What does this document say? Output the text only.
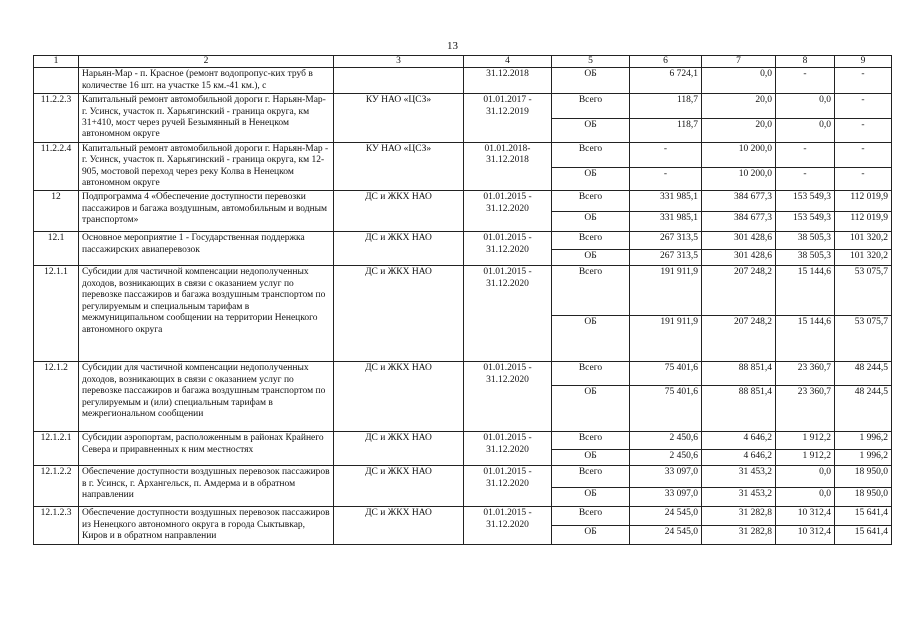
13
1	2	3	4	5	6	7	8	9
	Нарьян-Мар - п. Красное (ремонт водопропус-ких труб в количестве 16 шт. на участке 15 км.-41 км.), с		31.12.2018	ОБ	6 724,1	0,0	-	-
11.2.2.3	Капитальный ремонт автомобильной дороги г. Нарьян-Мар-г. Усинск, участок п. Харьягинский - граница округа, км 31+410, мост через ручей Безымянный в Ненецком автономном округе	КУ НАО «ЦСЗ»	01.01.2017 - 31.12.2019	Всего	118,7	20,0	0,0	-
				ОБ	118,7	20,0	0,0	-
11.2.2.4	Капитальный ремонт автомобильной дороги г. Нарьян-Мар - г. Усинск, участок п. Харьягинский - граница округа, км 12-905, мостовой переход через реку Колва в Ненецком автономном округе	КУ НАО «ЦСЗ»	01.01.2018- 31.12.2018	Всего	-	10 200,0	-	-
				ОБ	-	10 200,0	-	-
12	Подпрограмма 4 «Обеспечение доступности перевозки пассажиров и багажа воздушным, автомобильным и водным транспортом»	ДС и ЖКХ НАО	01.01.2015 - 31.12.2020	Всего	331 985,1	384 677,3	153 549,3	112 019,9
				ОБ	331 985,1	384 677,3	153 549,3	112 019,9
12.1	Основное мероприятие 1 - Государственная поддержка пассажирских авиаперевозок	ДС и ЖКХ НАО	01.01.2015 - 31.12.2020	Всего	267 313,5	301 428,6	38 505,3	101 320,2
				ОБ	267 313,5	301 428,6	38 505,3	101 320,2
12.1.1	Субсидии для частичной компенсации недополученных доходов, возникающих в связи с оказанием услуг по перевозке пассажиров и багажа воздушным транспортом по регулируемым и специальным тарифам в межмуниципальном сообщении на территории Ненецкого автономного округа	ДС и ЖКХ НАО	01.01.2015 - 31.12.2020	Всего	191 911,9	207 248,2	15 144,6	53 075,7
				ОБ	191 911,9	207 248,2	15 144,6	53 075,7
12.1.2	Субсидии для частичной компенсации недополученных доходов, возникающих в связи с оказанием услуг по перевозке пассажиров и багажа воздушным транспортом по регулируемым и (или) специальным тарифам в межрегиональном сообщении	ДС и ЖКХ НАО	01.01.2015 - 31.12.2020	Всего	75 401,6	88 851,4	23 360,7	48 244,5
				ОБ	75 401,6	88 851,4	23 360,7	48 244,5
12.1.2.1	Субсидии аэропортам, расположенным в районах Крайнего Севера и приравненных к ним местностях	ДС и ЖКХ НАО	01.01.2015 - 31.12.2020	Всего	2 450,6	4 646,2	1 912,2	1 996,2
				ОБ	2 450,6	4 646,2	1 912,2	1 996,2
12.1.2.2	Обеспечение доступности воздушных перевозок пассажиров в г. Усинск, г. Архангельск, п. Амдерма и в обратном направлении	ДС и ЖКХ НАО	01.01.2015 - 31.12.2020	Всего	33 097,0	31 453,2	0,0	18 950,0
				ОБ	33 097,0	31 453,2	0,0	18 950,0
12.1.2.3	Обеспечение доступности воздушных перевозок пассажиров из Ненецкого автономного округа в города Сыктывкар, Киров и в обратном направлении	ДС и ЖКХ НАО	01.01.2015 - 31.12.2020	Всего	24 545,0	31 282,8	10 312,4	15 641,4
				ОБ	24 545,0	31 282,8	10 312,4	15 641,4
